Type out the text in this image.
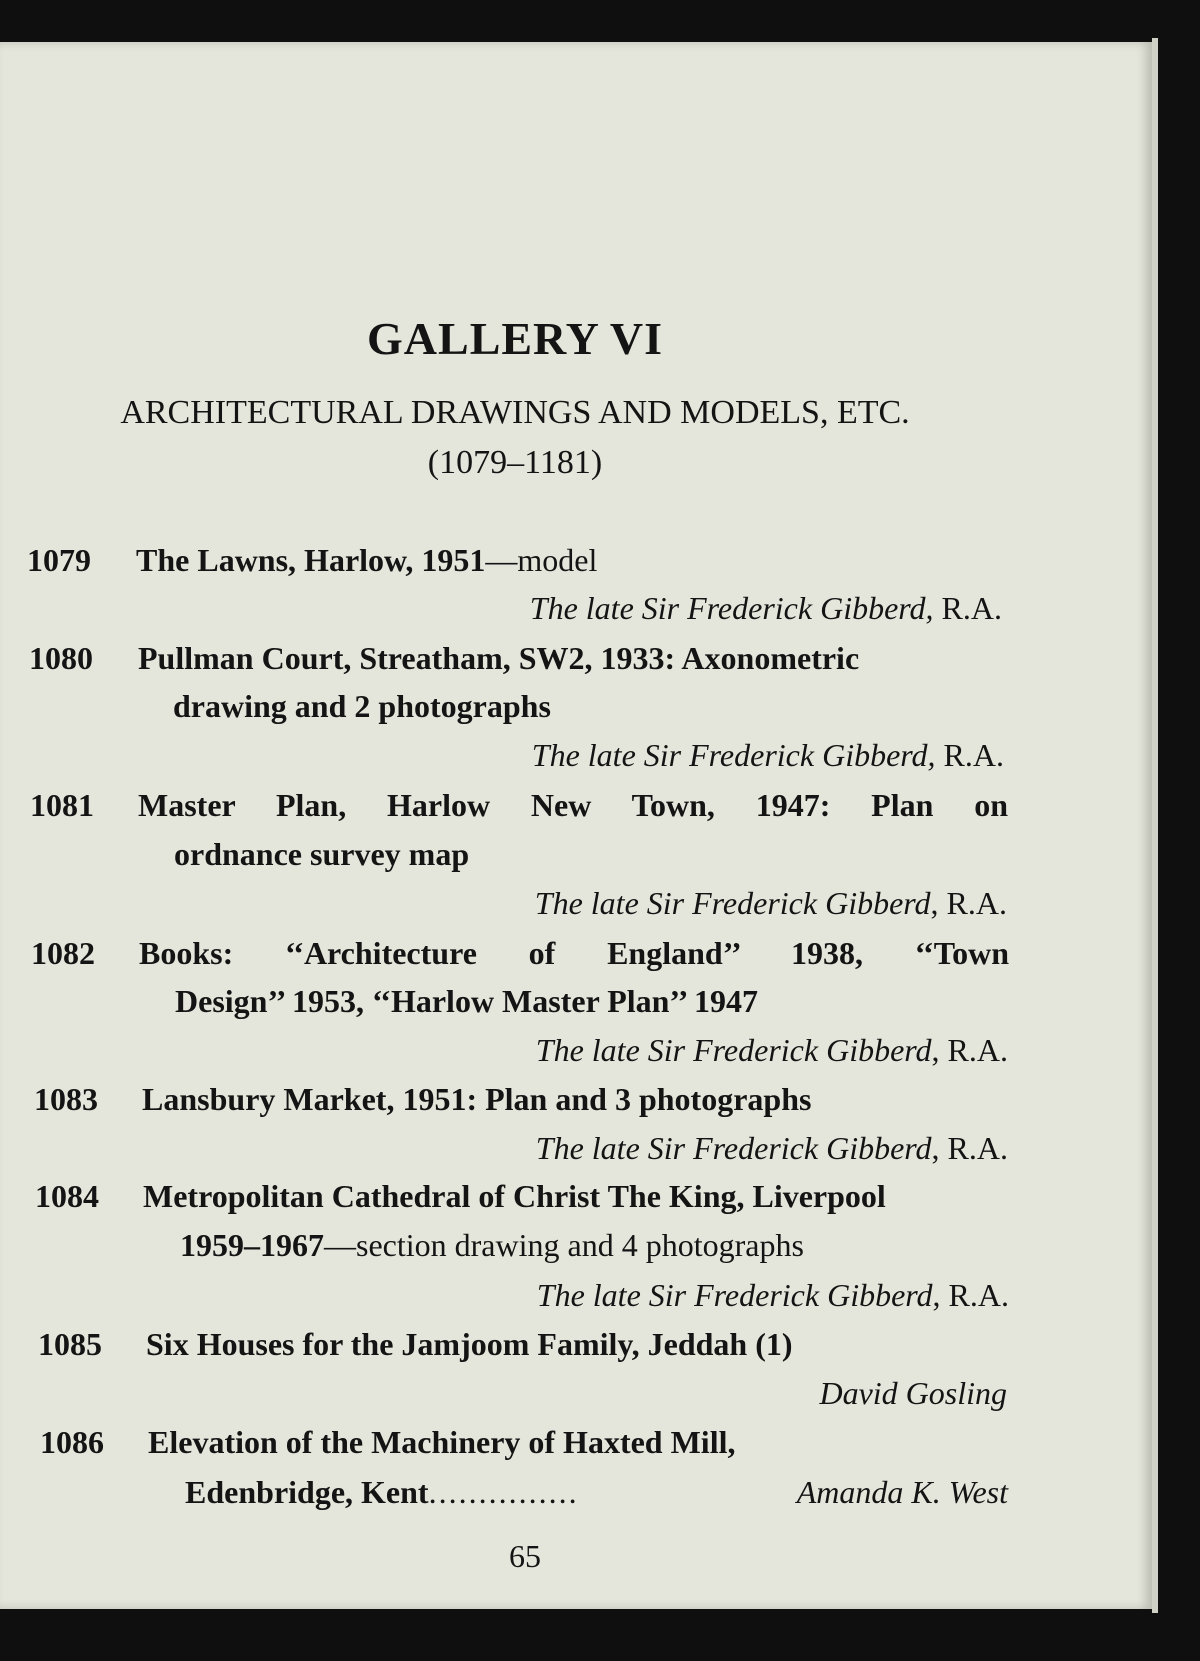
GALLERY VI
ARCHITECTURAL DRAWINGS AND MODELS, ETC.
(1079–1181)
1079 The Lawns, Harlow, 1951—model
The late Sir Frederick Gibberd, R.A.
1080 Pullman Court, Streatham, SW2, 1933: Axonometric
drawing and 2 photographs
The late Sir Frederick Gibberd, R.A.
1081 Master Plan, Harlow New Town, 1947: Plan on
ordnance survey map
The late Sir Frederick Gibberd, R.A.
1082 Books: ‘‘Architecture of England’’ 1938, ‘‘Town
Design’’ 1953, ‘‘Harlow Master Plan’’ 1947
The late Sir Frederick Gibberd, R.A.
1083 Lansbury Market, 1951: Plan and 3 photographs
The late Sir Frederick Gibberd, R.A.
1084 Metropolitan Cathedral of Christ The King, Liverpool
1959–1967—section drawing and 4 photographs
The late Sir Frederick Gibberd, R.A.
1085 Six Houses for the Jamjoom Family, Jeddah (1)
David Gosling
1086 Elevation of the Machinery of Haxted Mill,
Edenbridge, Kent...............	Amanda K. West
65
